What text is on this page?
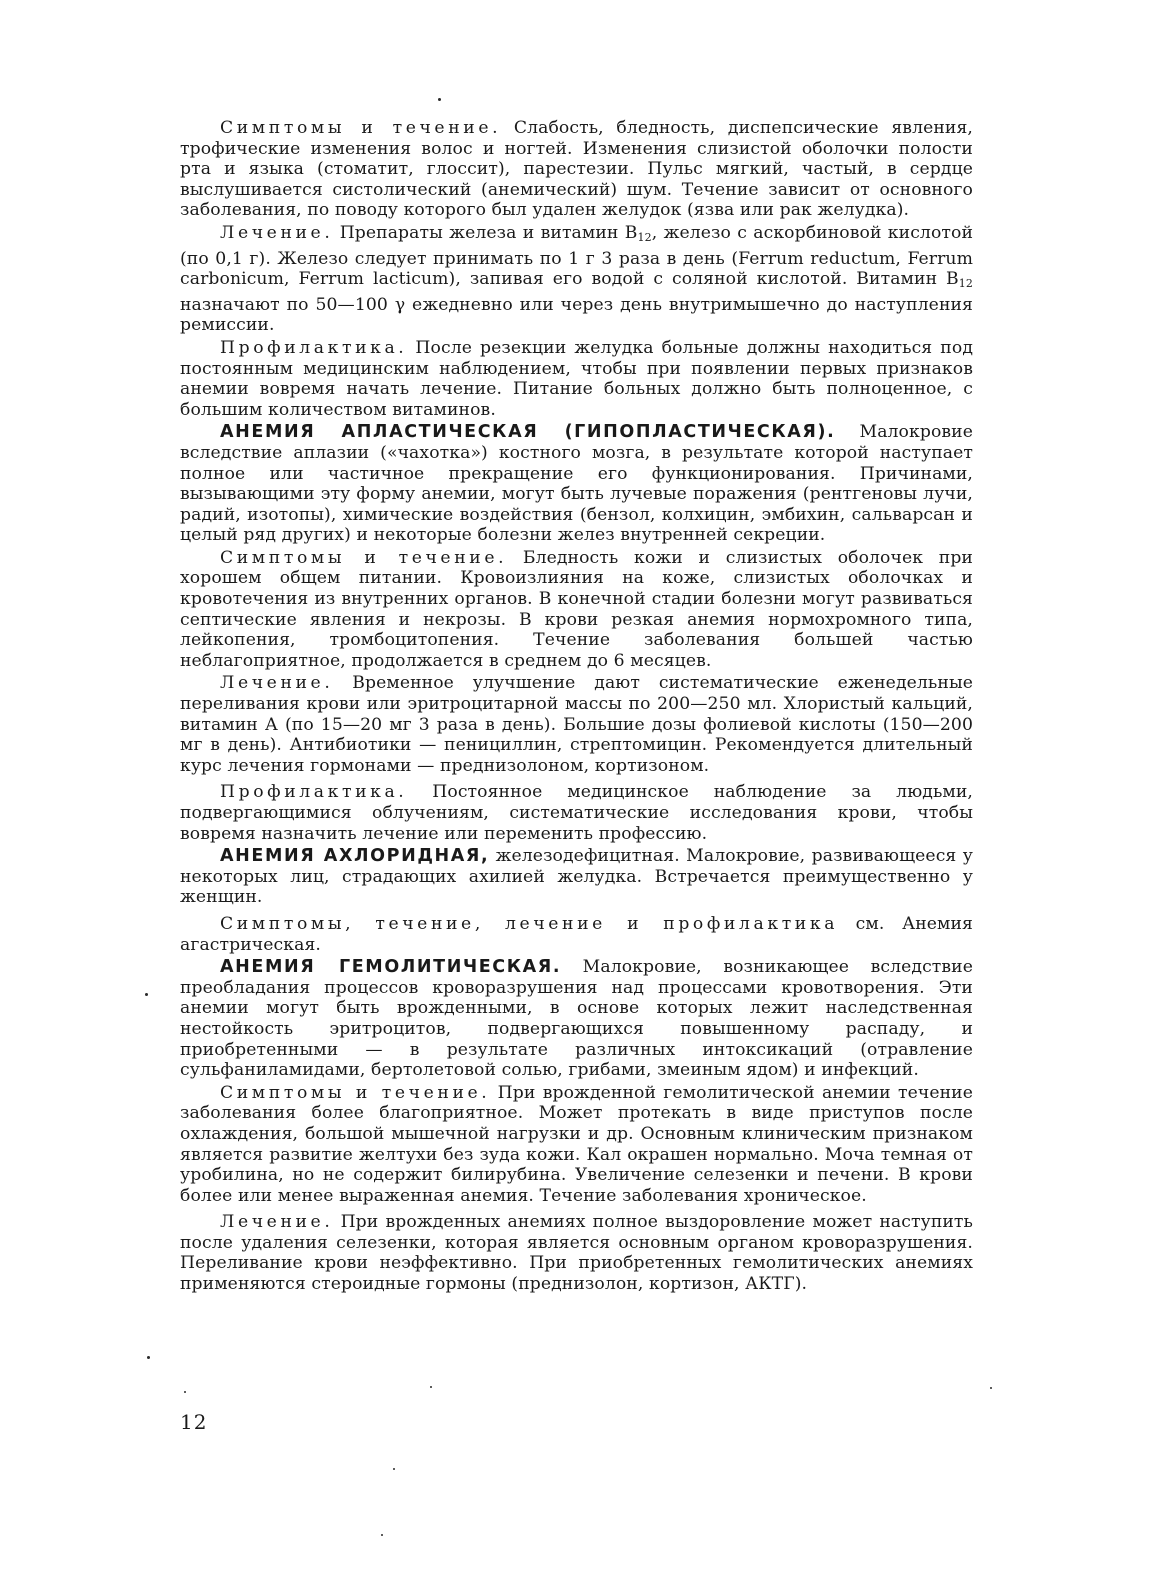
Симптомы и течение. Слабость, бледность, диспепсические явления, трофические изменения волос и ногтей. Изменения слизистой оболочки полости рта и языка (стоматит, глоссит), парестезии. Пульс мягкий, частый, в сердце выслушивается систолический (анемический) шум. Течение зависит от основного заболевания, по поводу которого был удален желудок (язва или рак желудка).

Лечение. Препараты железа и витамин $B_{12}$, железо с аскорбиновой кислотой (по 0,1 г). Железо следует принимать по 1 г 3 раза в день (Ferrum reductum, Ferrum carbonicum, Ferrum lacticum), запивая его водой с соляной кислотой. Витамин $B_{12}$ назначают по 50—100 γ ежедневно или через день внутримышечно до наступления ремиссии.

Профилактика. После резекции желудка больные должны находиться под постоянным медицинским наблюдением, чтобы при появлении первых признаков анемии вовремя начать лечение. Питание больных должно быть полноценное, с большим количеством витаминов.

АНЕМИЯ АПЛАСТИЧЕСКАЯ (ГИПОПЛАСТИЧЕСКАЯ). Малокровие вследствие аплазии («чахотка») костного мозга, в результате которой наступает полное или частичное прекращение его функционирования. Причинами, вызывающими эту форму анемии, могут быть лучевые поражения (рентгеновы лучи, радий, изотопы), химические воздействия (бензол, колхицин, эмбихин, сальварсан и целый ряд других) и некоторые болезни желез внутренней секреции.

Симптомы и течение. Бледность кожи и слизистых оболочек при хорошем общем питании. Кровоизлияния на коже, слизистых оболочках и кровотечения из внутренних органов. В конечной стадии болезни могут развиваться септические явления и некрозы. В крови резкая анемия нормохромного типа, лейкопения, тромбоцитопения. Течение заболевания большей частью неблагоприятное, продолжается в среднем до 6 месяцев.

Лечение. Временное улучшение дают систематические еженедельные переливания крови или эритроцитарной массы по 200—250 мл. Хлористый кальций, витамин А (по 15—20 мг 3 раза в день). Большие дозы фолиевой кислоты (150—200 мг в день). Антибиотики — пенициллин, стрептомицин. Рекомендуется длительный курс лечения гормонами — преднизолоном, кортизоном.

Профилактика. Постоянное медицинское наблюдение за людьми, подвергающимися облучениям, систематические исследования крови, чтобы вовремя назначить лечение или переменить профессию.

АНЕМИЯ АХЛОРИДНАЯ, железодефицитная. Малокровие, развивающееся у некоторых лиц, страдающих ахилией желудка. Встречается преимущественно у женщин.

Симптомы, течение, лечение и профилактика см. Анемия агастрическая.

АНЕМИЯ ГЕМОЛИТИЧЕСКАЯ. Малокровие, возникающее вследствие преобладания процессов кроворазрушения над процессами кровотворения. Эти анемии могут быть врожденными, в основе которых лежит наследственная нестойкость эритроцитов, подвергающихся повышенному распаду, и приобретенными — в результате различных интоксикаций (отравление сульфаниламидами, бертолетовой солью, грибами, змеиным ядом) и инфекций.

Симптомы и течение. При врожденной гемолитической анемии течение заболевания более благоприятное. Может протекать в виде приступов после охлаждения, большой мышечной нагрузки и др. Основным клиническим признаком является развитие желтухи без зуда кожи. Кал окрашен нормально. Моча темная от уробилина, но не содержит билирубина. Увеличение селезенки и печени. В крови более или менее выраженная анемия. Течение заболевания хроническое.

Лечение. При врожденных анемиях полное выздоровление может наступить после удаления селезенки, которая является основным органом кроворазрушения. Переливание крови неэффективно. При приобретенных гемолитических анемиях применяются стероидные гормоны (преднизолон, кортизон, АКТГ).

12
